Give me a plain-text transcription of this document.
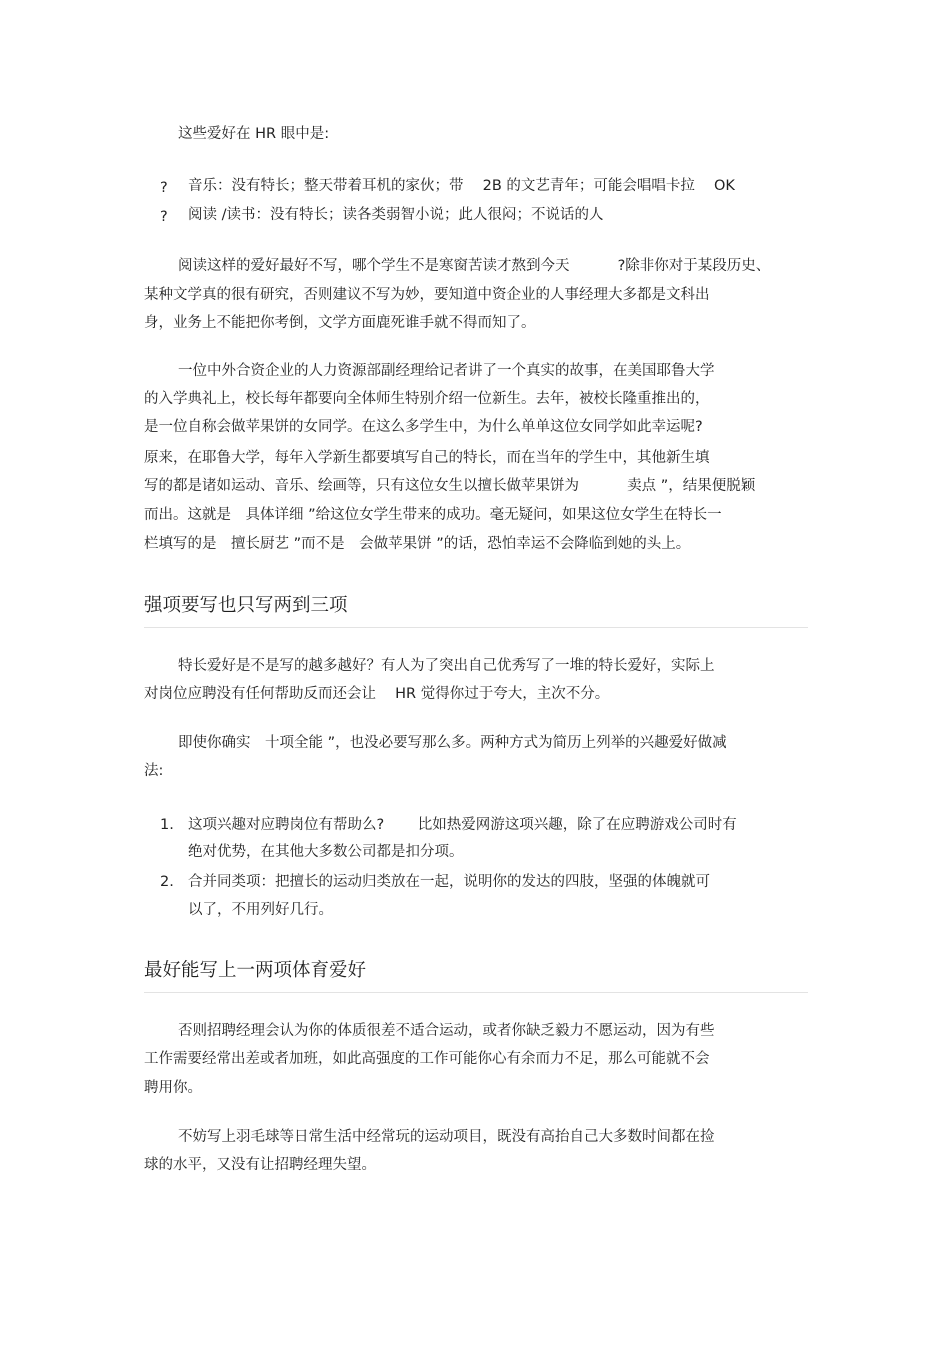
这些爱好在 HR 眼中是:
? 音乐：没有特长；整天带着耳机的家伙；带　 2B 的文艺青年；可能会唱唱卡拉　 OK
? 阅读 /读书：没有特长；读各类弱智小说；此人很闷；不说话的人
阅读这样的爱好最好不写，哪个学生不是寒窗苦读才熬到今天　　　 ?除非你对于某段历史、
某种文学真的很有研究，否则建议不写为妙，要知道中资企业的人事经理大多都是文科出
身，业务上不能把你考倒，文学方面鹿死谁手就不得而知了。
一位中外合资企业的人力资源部副经理给记者讲了一个真实的故事，在美国耶鲁大学
的入学典礼上，校长每年都要向全体师生特别介绍一位新生。去年，被校长隆重推出的，
是一位自称会做苹果饼的女同学。在这么多学生中，为什么单单这位女同学如此幸运呢?
原来，在耶鲁大学，每年入学新生都要填写自己的特长，而在当年的学生中，其他新生填
写的都是诸如运动、音乐、绘画等，只有这位女生以擅长做苹果饼为　　　 卖点 ”，结果便脱颖
而出。这就是　具体详细 ”给这位女学生带来的成功。毫无疑问，如果这位女学生在特长一
栏填写的是　擅长厨艺 ”而不是　会做苹果饼 ”的话，恐怕幸运不会降临到她的头上。
强项要写也只写两到三项
特长爱好是不是写的越多越好？有人为了突出自己优秀写了一堆的特长爱好，实际上
对岗位应聘没有任何帮助反而还会让　 HR 觉得你过于夸大，主次不分。
即使你确实　十项全能 ”，也没必要写那么多。两种方式为简历上列举的兴趣爱好做减
法:
1. 这项兴趣对应聘岗位有帮助么?　　 比如热爱网游这项兴趣，除了在应聘游戏公司时有
绝对优势，在其他大多数公司都是扣分项。
2. 合并同类项：把擅长的运动归类放在一起，说明你的发达的四肢，坚强的体魄就可
以了，不用列好几行。
最好能写上一两项体育爱好
否则招聘经理会认为你的体质很差不适合运动，或者你缺乏毅力不愿运动，因为有些
工作需要经常出差或者加班，如此高强度的工作可能你心有余而力不足，那么可能就不会
聘用你。
不妨写上羽毛球等日常生活中经常玩的运动项目，既没有高抬自己大多数时间都在捡
球的水平，又没有让招聘经理失望。
